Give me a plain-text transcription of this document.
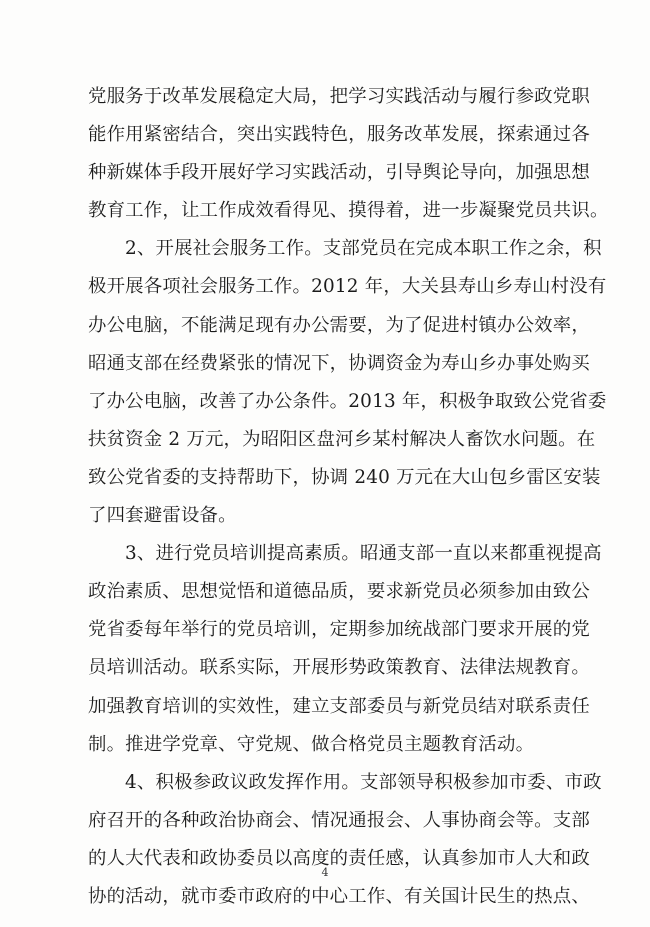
党服务于改革发展稳定大局，把学习实践活动与履行参政党职
能作用紧密结合，突出实践特色，服务改革发展，探索通过各
种新媒体手段开展好学习实践活动，引导舆论导向，加强思想
教育工作，让工作成效看得见、摸得着，进一步凝聚党员共识。
2、开展社会服务工作。支部党员在完成本职工作之余，积
极开展各项社会服务工作。2012 年，大关县寿山乡寿山村没有
办公电脑，不能满足现有办公需要，为了促进村镇办公效率，
昭通支部在经费紧张的情况下，协调资金为寿山乡办事处购买
了办公电脑，改善了办公条件。2013 年，积极争取致公党省委
扶贫资金 2 万元，为昭阳区盘河乡某村解决人畜饮水问题。在
致公党省委的支持帮助下，协调 240 万元在大山包乡雷区安装
了四套避雷设备。
3、进行党员培训提高素质。昭通支部一直以来都重视提高
政治素质、思想觉悟和道德品质，要求新党员必须参加由致公
党省委每年举行的党员培训，定期参加统战部门要求开展的党
员培训活动。联系实际，开展形势政策教育、法律法规教育。
加强教育培训的实效性，建立支部委员与新党员结对联系责任
制。推进学党章、守党规、做合格党员主题教育活动。
4、积极参政议政发挥作用。支部领导积极参加市委、市政
府召开的各种政治协商会、情况通报会、人事协商会等。支部
的人大代表和政协委员以高度的责任感，认真参加市人大和政
协的活动，就市委市政府的中心工作、有关国计民生的热点、
4
